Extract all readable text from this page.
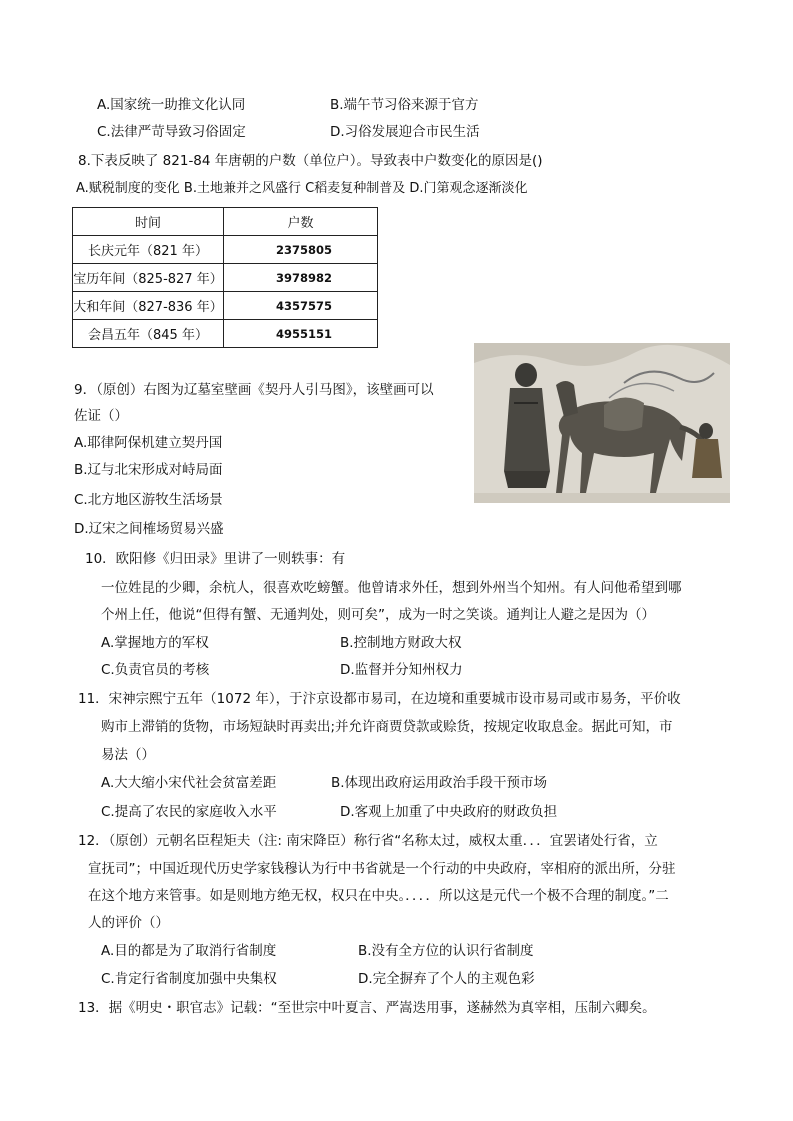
A.国家统一助推文化认同	B.端午节习俗来源于官方
C.法律严苛导致习俗固定	D.习俗发展迎合市民生活
8.下表反映了 821-84 年唐朝的户数（单位户）。导致表中户数变化的原因是()
A.赋税制度的变化 B.土地兼并之风盛行 C稻麦复种制普及 D.门第观念逐渐淡化
时间	户数
长庆元年（821 年）	2375805
宝历年间（825-827 年）	3978982
大和年间（827-836 年）	4357575
会昌五年（845 年）	4955151
9．（原创）右图为辽墓室壁画《契丹人引马图》，该壁画可以
佐证（）
A.耶律阿保机建立契丹国
B.辽与北宋形成对峙局面
C.北方地区游牧生活场景
D.辽宋之间榷场贸易兴盛
10．欧阳修《归田录》里讲了一则轶事：有
一位姓昆的少卿，余杭人，很喜欢吃螃蟹。他曾请求外任，想到外州当个知州。有人问他希望到哪
个州上任，他说“但得有蟹、无通判处，则可矣”，成为一时之笑谈。通判让人避之是因为（）
A.掌握地方的军权	B.控制地方财政大权
C.负责官员的考核	D.监督并分知州权力
11．宋神宗熙宁五年（1072 年），于汴京设都市易司，在边境和重要城市设市易司或市易务，平价收
购市上滞销的货物，市场短缺时再卖出;并允许商贾贷款或赊货，按规定收取息金。据此可知，市
易法（）
A.大大缩小宋代社会贫富差距	B.体现出政府运用政治手段干预市场
C.提高了农民的家庭收入水平	D.客观上加重了中央政府的财政负担
12．（原创）元朝名臣程矩夫（注: 南宋降臣）称行省“名称太过，威权太重．．．宜罢诸处行省，立
宣抚司”；中国近现代历史学家钱穆认为行中书省就是一个行动的中央政府，宰相府的派出所，分驻
在这个地方来管事。如是则地方绝无权，权只在中央。．．．．所以这是元代一个极不合理的制度。”二
人的评价（）
A.目的都是为了取消行省制度	B.没有全方位的认识行省制度
C.肯定行省制度加强中央集权	D.完全摒弃了个人的主观色彩
13．据《明史・职官志》记载：“至世宗中叶夏言、严嵩迭用事，遂赫然为真宰相，压制六卿矣。
